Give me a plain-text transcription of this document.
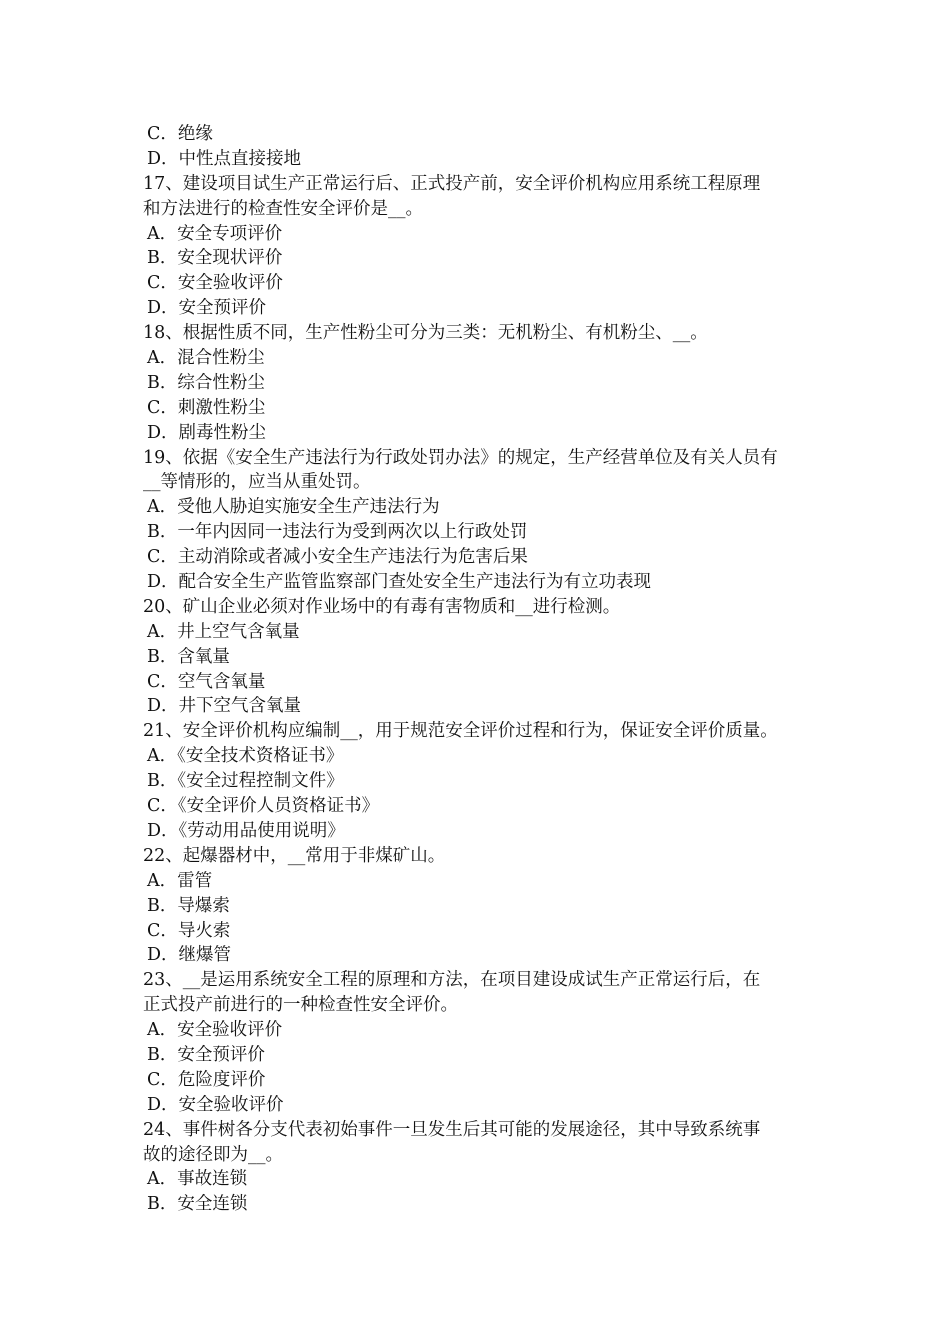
C．绝缘
D．中性点直接接地
17、建设项目试生产正常运行后、正式投产前，安全评价机构应用系统工程原理
和方法进行的检查性安全评价是__。
A．安全专项评价
B．安全现状评价
C．安全验收评价
D．安全预评价
18、根据性质不同，生产性粉尘可分为三类：无机粉尘、有机粉尘、__。
A．混合性粉尘
B．综合性粉尘
C．刺激性粉尘
D．剧毒性粉尘
19、依据《安全生产违法行为行政处罚办法》的规定，生产经营单位及有关人员有
__等情形的，应当从重处罚。
A．受他人胁迫实施安全生产违法行为
B．一年内因同一违法行为受到两次以上行政处罚
C．主动消除或者减小安全生产违法行为危害后果
D．配合安全生产监管监察部门查处安全生产违法行为有立功表现
20、矿山企业必须对作业场中的有毒有害物质和__进行检测。
A．井上空气含氧量
B．含氧量
C．空气含氧量
D．井下空气含氧量
21、安全评价机构应编制__，用于规范安全评价过程和行为，保证安全评价质量。
A．《安全技术资格证书》
B．《安全过程控制文件》
C．《安全评价人员资格证书》
D．《劳动用品使用说明》
22、起爆器材中，__常用于非煤矿山。
A．雷管
B．导爆索
C．导火索
D．继爆管
23、__是运用系统安全工程的原理和方法，在项目建设成试生产正常运行后，在
正式投产前进行的一种检查性安全评价。
A．安全验收评价
B．安全预评价
C．危险度评价
D．安全验收评价
24、事件树各分支代表初始事件一旦发生后其可能的发展途径，其中导致系统事
故的途径即为__。
A．事故连锁
B．安全连锁
